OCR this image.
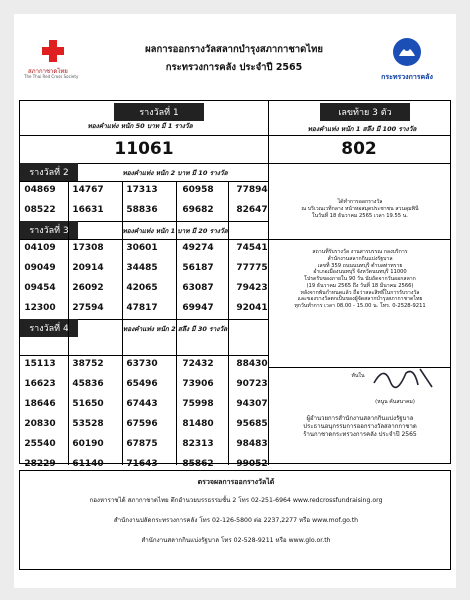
สภากาชาดไทย
The Thai Red Cross Society
ผลการออกรางวัลสลากบำรุงสภากาชาดไทย
กระทรวงการคลัง ประจำปี 2565
กระทรวงการคลัง
รางวัลที่ 1
ทองคำแท่ง หนัก 50 บาท มี 1 รางวัล
เลขท้าย 3 ตัว
ทองคำแท่ง หนัก 1 สลึง มี 100 รางวัล
11061	802
รางวัลที่ 2	ทองคำแท่ง หนัก 2 บาท มี 10 รางวัล
04869	14767	17313	60958	77894
08522	16631	58836	69682	82647
รางวัลที่ 3	ทองคำแท่ง หนัก 1 บาท มี 20 รางวัล
04109	17308	30601	49274	74541
09049	20914	34485	56187	77775
09454	26092	42065	63087	79423
12300	27594	47817	69947	92041
รางวัลที่ 4	ทองคำแท่ง หนัก 2 สลึง มี 30 รางวัล
15113	38752	63730	72432	88430
16623	45836	65496	73906	90723
18646	51650	67443	75998	94307
20830	53528	67596	81480	95685
25540	60190	67875	82313	98483
28229	61140	71643	85862	99052
ได้ทำการออกรางวัล
ณ บริเวณเวทีกลาง หน้าหอสมุดประชาชน สวนลุมพินี
ในวันที่ 18 ธันวาคม 2565 เวลา 19.55 น.
สถานที่รับรางวัล งานสารบรรณ กองบริการ
สำนักงานสลากกินแบ่งรัฐบาล
เลขที่ 359 ถนนนนทบุรี ตำบลท่าทราย
อำเภอเมืองนนทบุรี จังหวัดนนทบุรี 11000
โปรดรับของภายใน 90 วัน นับถัดจากวันออกสลาก
(19 ธันวาคม 2565 ถึง วันที่ 18 มีนาคม 2566)
หลังจากพ้นกำหนดแล้ว ถือว่าสละสิทธิ์ในการรับรางวัล
และของรางวัลตกเป็นของผู้จัดสลากบำรุงสภากาชาดไทย
ทุกวันทำการ เวลา 08.00 - 15.00 น. โทร. 0-2528-9211
ทันใน
(หนูน คันสนาคม)
ผู้อำนวยการสำนักงานสลากกินแบ่งรัฐบาล
ประธานอนุกรรมการออกรางวัลสลากกาชาด
ร้านกาชาดกระทรวงการคลัง ประจำปี 2565
ตรวจผลการออกรางวัลได้
กองหาราชได้ สภากาชาดไทย ตึกอำนวยบรรธรรมชั้น 2 โทร 02-251-6964 www.redcrossfundraising.org
สำนักงานปลัดกระทรวงการคลัง โทร 02-126-5800 ต่อ 2237,2277 หรือ www.mof.go.th
สำนักงานสลากกินแบ่งรัฐบาล โทร 02-528-9211 หรือ www.glo.or.th
